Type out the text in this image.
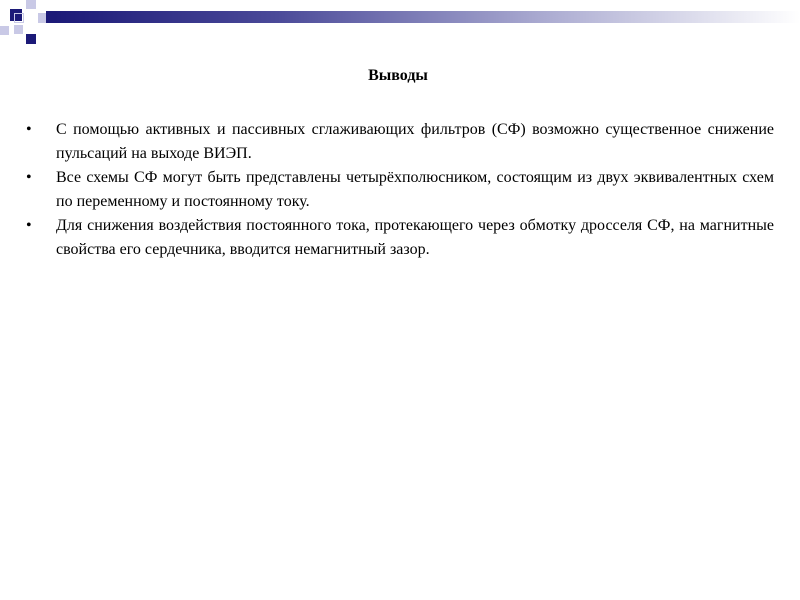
Выводы
•	С помощью активных и пассивных сглаживающих фильтров (СФ) возможно существенное снижение пульсаций на выходе ВИЭП.
•	Все схемы СФ могут быть представлены четырёхполюсником, состоящим из двух эквивалентных схем по переменному и постоянному току.
•	Для снижения воздействия постоянного тока, протекающего через обмотку дросселя СФ, на магнитные свойства его сердечника, вводится немагнитный зазор.
